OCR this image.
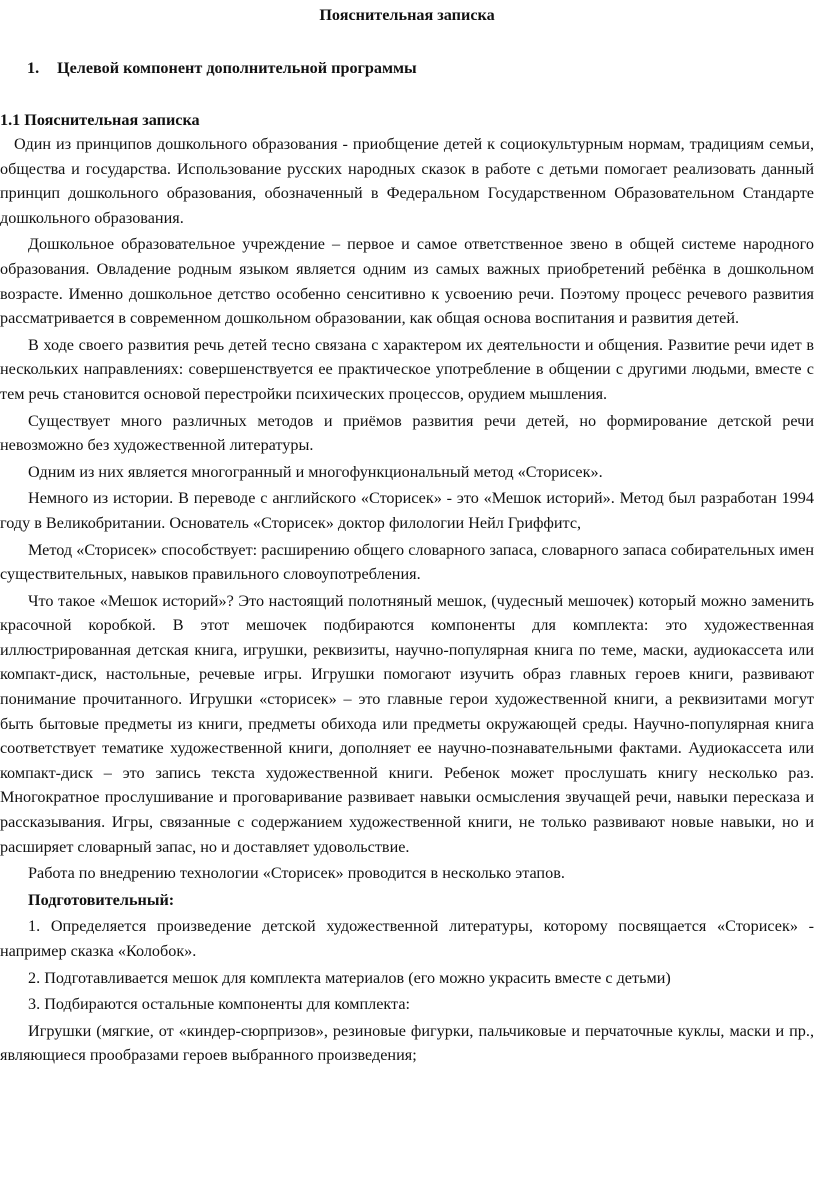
Пояснительная записка
1. Целевой компонент дополнительной программы
1.1 Пояснительная записка

Один из принципов дошкольного образования - приобщение детей к социокультурным нормам, традициям семьи, общества и государства. Использование русских народных сказок в работе с детьми помогает реализовать данный принцип дошкольного образования, обозначенный в Федеральном Государственном Образовательном Стандарте дошкольного образования.

Дошкольное образовательное учреждение – первое и самое ответственное звено в общей системе народного образования. Овладение родным языком является одним из самых важных приобретений ребёнка в дошкольном возрасте. Именно дошкольное детство особенно сенситивно к усвоению речи. Поэтому процесс речевого развития рассматривается в современном дошкольном образовании, как общая основа воспитания и развития детей.

В ходе своего развития речь детей тесно связана с характером их деятельности и общения. Развитие речи идет в нескольких направлениях: совершенствуется ее практическое употребление в общении с другими людьми, вместе с тем речь становится основой перестройки психических процессов, орудием мышления.

Существует много различных методов и приёмов развития речи детей, но формирование детской речи невозможно без художественной литературы.

Одним из них является многогранный и многофункциональный метод «Сторисек».

Немного из истории. В переводе с английского «Сторисек» - это «Мешок историй». Метод был разработан 1994 году в Великобритании. Основатель «Сторисек» доктор филологии Нейл Гриффитс,

Метод «Сторисек» способствует: расширению общего словарного запаса, словарного запаса собирательных имен существительных, навыков правильного словоупотребления.

Что такое «Мешок историй»? Это настоящий полотняный мешок, (чудесный мешочек) который можно заменить красочной коробкой. В этот мешочек подбираются компоненты для комплекта: это художественная иллюстрированная детская книга, игрушки, реквизиты, научно-популярная книга по теме, маски, аудиокассета или компакт-диск, настольные, речевые игры. Игрушки помогают изучить образ главных героев книги, развивают понимание прочитанного. Игрушки «сторисек» – это главные герои художественной книги, а реквизитами могут быть бытовые предметы из книги, предметы обихода или предметы окружающей среды. Научно-популярная книга соответствует тематике художественной книги, дополняет ее научно-познавательными фактами. Аудиокассета или компакт-диск – это запись текста художественной книги. Ребенок может прослушать книгу несколько раз. Многократное прослушивание и проговаривание развивает навыки осмысления звучащей речи, навыки пересказа и рассказывания. Игры, связанные с содержанием художественной книги, не только развивают новые навыки, но и расширяет словарный запас, но и доставляет удовольствие.

Работа по внедрению технологии «Сторисек» проводится в несколько этапов.

Подготовительный:

1. Определяется произведение детской художественной литературы, которому посвящается «Сторисек» - например сказка «Колобок».

2. Подготавливается мешок для комплекта материалов (его можно украсить вместе с детьми)

3. Подбираются остальные компоненты для комплекта:

Игрушки (мягкие, от «киндер-сюрпризов», резиновые фигурки, пальчиковые и перчаточные куклы, маски и пр., являющиеся прообразами героев выбранного произведения;
